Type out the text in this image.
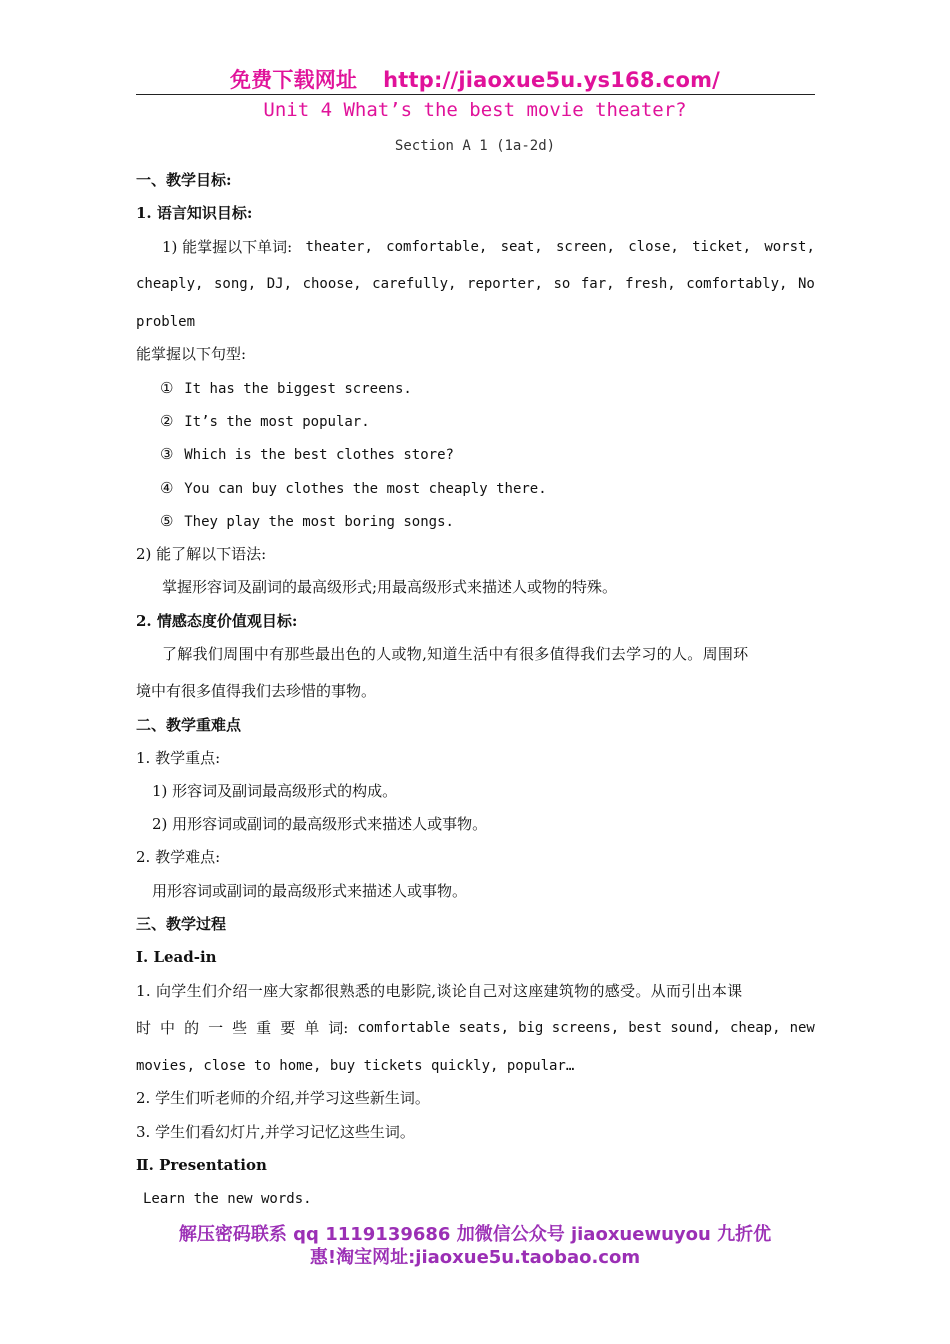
免费下载网址 http://jiaoxue5u.ys168.com/
Unit 4 What’s the best movie theater?
Section A 1 (1a-2d)
一、教学目标:
1. 语言知识目标:
1) 能掌握以下单词: theater, comfortable, seat, screen, close, ticket, worst,
cheaply, song, DJ, choose, carefully, reporter, so far, fresh, comfortably, No
problem
能掌握以下句型:
① It has the biggest screens.
② It’s the most popular.
③ Which is the best clothes store?
④ You can buy clothes the most cheaply there.
⑤ They play the most boring songs.
2) 能了解以下语法:
掌握形容词及副词的最高级形式;用最高级形式来描述人或物的特殊。
2. 情感态度价值观目标:
了解我们周围中有那些最出色的人或物,知道生活中有很多值得我们去学习的人。周围环
境中有很多值得我们去珍惜的事物。
二、教学重难点
1. 教学重点:
1) 形容词及副词最高级形式的构成。
2) 用形容词或副词的最高级形式来描述人或事物。
2. 教学难点:
用形容词或副词的最高级形式来描述人或事物。
三、教学过程
Ⅰ. Lead-in
1. 向学生们介绍一座大家都很熟悉的电影院,谈论自己对这座建筑物的感受。从而引出本课
时 中 的 一 些 重 要 单 词: comfortable seats, big screens, best sound, cheap, new
movies, close to home, buy tickets quickly, popular…
2. 学生们听老师的介绍,并学习这些新生词。
3. 学生们看幻灯片,并学习记忆这些生词。
Ⅱ. Presentation
Learn the new words.
解压密码联系 qq 1119139686 加微信公众号 jiaoxuewuyou 九折优
惠!淘宝网址:jiaoxue5u.taobao.com
